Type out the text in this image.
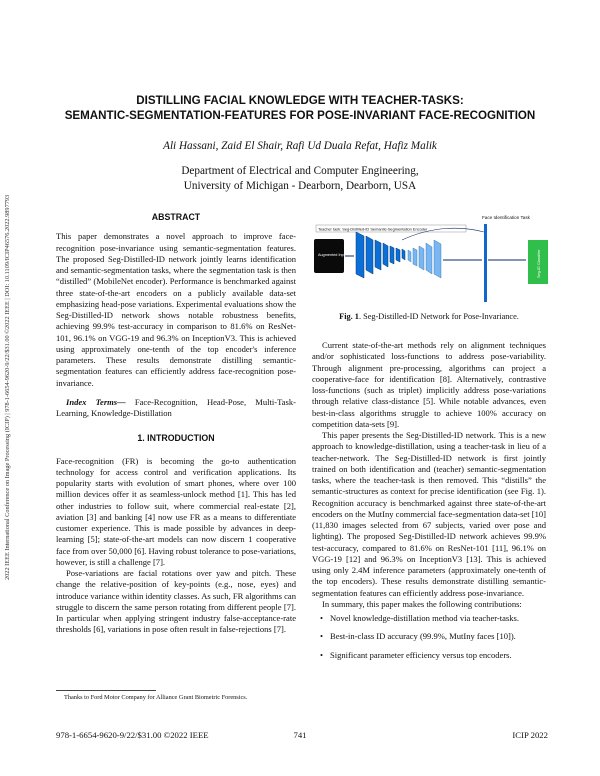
2022 IEEE International Conference on Image Processing (ICIP) | 978-1-6654-9620-9/22/$31.00 ©2022 IEEE | DOI: 10.1109/ICIP46576.2022.9897793
DISTILLING FACIAL KNOWLEDGE WITH TEACHER-TASKS:
SEMANTIC-SEGMENTATION-FEATURES FOR POSE-INVARIANT FACE-RECOGNITION
Ali Hassani, Zaid El Shair, Rafi Ud Duala Refat, Hafiz Malik
Department of Electrical and Computer Engineering,
University of Michigan - Dearborn, Dearborn, USA
ABSTRACT

This paper demonstrates a novel approach to improve face-recognition pose-invariance using semantic-segmentation features. The proposed Seg-Distilled-ID network jointly learns identification and semantic-segmentation tasks, where the segmentation task is then “distilled” (MobileNet encoder). Performance is benchmarked against three state-of-the-art encoders on a publicly available data-set emphasizing head-pose variations. Experimental evaluations show the Seg-Distilled-ID network shows notable robustness benefits, achieving 99.9% test-accuracy in comparison to 81.6% on ResNet-101, 96.1% on VGG-19 and 96.3% on InceptionV3. This is achieved using approximately one-tenth of the top encoder's inference parameters. These results demonstrate distilling semantic-segmentation features can efficiently address face-recognition pose-invariance.

Index Terms— Face-Recognition, Head-Pose, Multi-Task-Learning, Knowledge-Distillation

1. INTRODUCTION

Face-recognition (FR) is becoming the go-to authentication technology for access control and verification applications. Its popularity starts with evolution of smart phones, where over 100 million devices offer it as seamless-unlock method [1]. This has led other industries to follow suit, where commercial real-estate [2], aviation [3] and banking [4] now use FR as a means to differentiate customer experience. This is made possible by advances in deep-learning [5]; state-of-the-art models can now discern 1 cooperative face from over 50,000 [6]. Having robust tolerance to pose-variations, however, is still a challenge [7].

Pose-variations are facial rotations over yaw and pitch. These change the relative-position of key-points (e.g., nose, eyes) and introduce variance within identity classes. As such, FR algorithms can struggle to discern the same person rotating from different people [7]. In particular when applying stringent industry false-acceptance-rate thresholds [6], variations in pose often result in false-rejections [7].

Thanks to Ford Motor Company for Alliance Grant Biometric Forensics.
Face Identification Task
Teacher task: Seg-Distilled-ID Semantic-Segmentation Encoder
Augmented Input Data	Seg-ID Classifier
Fig. 1. Seg-Distilled-ID Network for Pose-Invariance.

Current state-of-the-art methods rely on alignment techniques and/or sophisticated loss-functions to address pose-variability. Through alignment pre-processing, algorithms can project a cooperative-face for identification [8]. Alternatively, contrastive loss-functions (such as triplet) implicitly address pose-variations through relative class-distance [5]. While notable advances, even best-in-class algorithms struggle to achieve 100% accuracy on competition data-sets [9].

This paper presents the Seg-Distilled-ID network. This is a new approach to knowledge-distillation, using a teacher-task in lieu of a teacher-network. The Seg-Distilled-ID network is first jointly trained on both identification and (teacher) semantic-segmentation tasks, where the teacher-task is then removed. This “distills” the semantic-structures as context for precise identification (see Fig. 1). Recognition accuracy is benchmarked against three state-of-the-art encoders on the MutIny commercial face-segmentation data-set [10] (11,830 images selected from 67 subjects, varied over pose and lighting). The proposed Seg-Distilled-ID network achieves 99.9% test-accuracy, compared to 81.6% on ResNet-101 [11], 96.1% on VGG-19 [12] and 96.3% on InceptionV3 [13]. This is achieved using only 2.4M inference parameters (approximately one-tenth of the top encoders). These results demonstrate distilling semantic-segmentation features can efficiently address pose-invariance.

In summary, this paper makes the following contributions:

• Novel knowledge-distillation method via teacher-tasks.
• Best-in-class ID accuracy (99.9%, MutIny faces [10]).
• Significant parameter efficiency versus top encoders.
978-1-6654-9620-9/22/$31.00 ©2022 IEEE	741	ICIP 2022
